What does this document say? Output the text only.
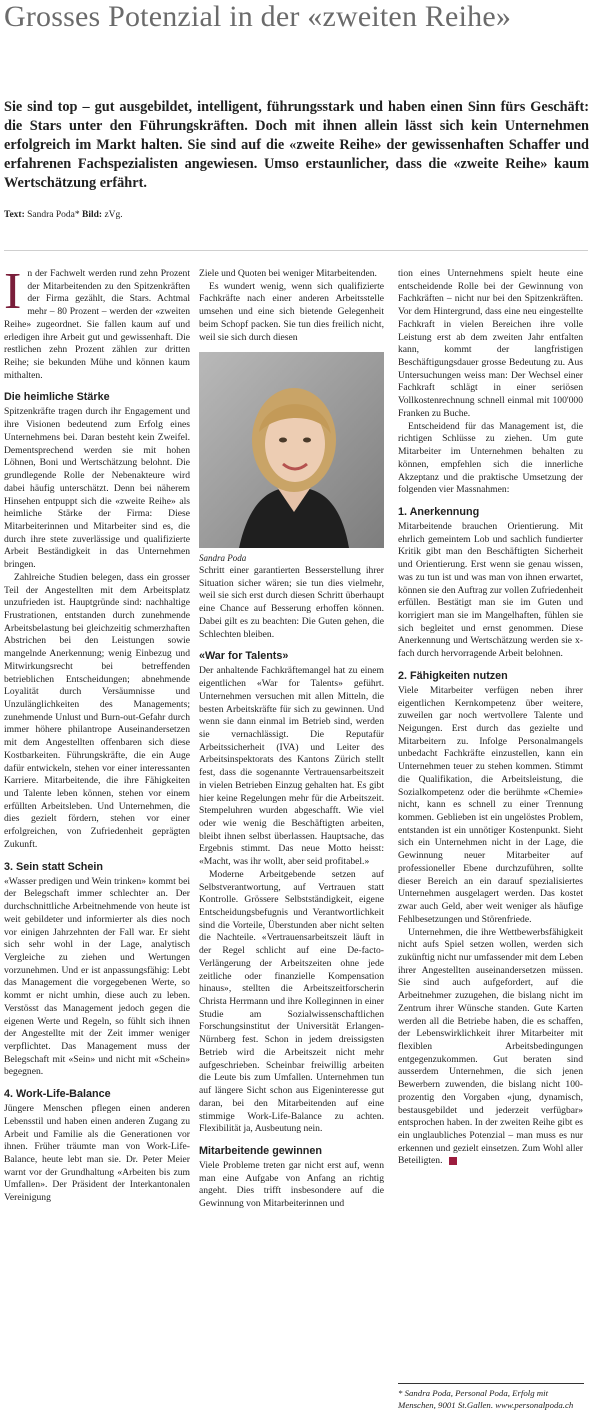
Grosses Potenzial in der «zweiten Reihe»

Sie sind top – gut ausgebildet, intelligent, führungsstark und haben einen Sinn fürs Geschäft: die Stars unter den Führungskräften. Doch mit ihnen allein lässt sich kein Unternehmen erfolgreich im Markt halten. Sie sind auf die «zweite Reihe» der gewissenhaften Schaffer und erfahrenen Fachspezialisten angewiesen. Umso erstaunlicher, dass die «zweite Reihe» kaum Wertschätzung erfährt.

Text: Sandra Poda* Bild: zVg.

In der Fachwelt werden rund zehn Prozent der Mitarbeitenden zu den Spitzenkräften der Firma gezählt, die Stars. Achtmal mehr – 80 Prozent – werden der «zweiten Reihe» zugeordnet. Sie fallen kaum auf und erledigen ihre Arbeit gut und gewissenhaft. Die restlichen zehn Prozent zählen zur dritten Reihe; sie bekunden Mühe und können kaum mithalten.

Die heimliche Stärke

Spitzenkräfte tragen durch ihr Engagement und ihre Visionen bedeutend zum Erfolg eines Unternehmens bei. Daran besteht kein Zweifel. Dementsprechend werden sie mit hohen Löhnen, Boni und Wertschätzung belohnt. Die grundlegende Rolle der Nebenakteure wird dabei häufig unterschätzt. Denn bei näherem Hinsehen entpuppt sich die «zweite Reihe» als heimliche Stärke der Firma: Diese Mitarbeiterinnen und Mitarbeiter sind es, die durch ihre stete zuverlässige und qualifizierte Arbeit Beständigkeit in das Unternehmen bringen.

Zahlreiche Studien belegen, dass ein grosser Teil der Angestellten mit dem Arbeitsplatz unzufrieden ist. Hauptgründe sind: nachhaltige Frustrationen, entstanden durch zunehmende Arbeitsbelastung bei gleichzeitig schmerzhaften Abstrichen bei den Leistungen sowie mangelnde Anerkennung; wenig Einbezug und Mitwirkungsrecht bei betreffenden betrieblichen Entscheidungen; abnehmende Loyalität durch Versäumnisse und Unzulänglichkeiten des Managements; zunehmende Unlust und Burn-out-Gefahr durch immer höhere philantrope Auseinandersetzen mit dem Angestellten offenbaren sich diese Kostbarkeiten. Führungskräfte, die ein Auge dafür entwickeln, stehen vor einer interessanten Karriere. Mitarbeitende, die ihre Fähigkeiten und Talente leben können, stehen vor einem erfüllten Arbeitsleben. Und Unternehmen, die dies gezielt fördern, stehen vor einer erfolgreichen, von Zufriedenheit geprägten Zukunft.

3. Sein statt Schein

«Wasser predigen und Wein trinken» kommt bei der Belegschaft immer schlechter an. Der durchschnittliche Arbeitnehmende von heute ist weit gebildeter und informierter als dies noch vor einigen Jahrzehnten der Fall war. Er sieht sich sehr wohl in der Lage, analytisch Vergleiche zu ziehen und Wertungen vorzunehmen. Und er ist anpassungsfähig: Lebt das Management die vorgegebenen Werte, so kommt er nicht umhin, diese auch zu leben. Verstösst das Management jedoch gegen die eigenen Werte und Regeln, so fühlt sich ihnen der Angestellte mit der Zeit immer weniger verpflichtet. Das Management muss der Belegschaft mit «Sein» und nicht mit «Schein» begegnen.

4. Work-Life-Balance

Jüngere Menschen pflegen einen anderen Lebensstil und haben einen anderen Zugang zu Arbeit und Familie als die Generationen vor ihnen. Früher träumte man von Work-Life-Balance, heute lebt man sie. Dr. Peter Meier warnt vor der Grundhaltung «Arbeiten bis zum Umfallen». Der Präsident der Interkantonalen Vereinigung

Ziele und Quoten bei weniger Mitarbeitenden.

Es wundert wenig, wenn sich qualifizierte Fachkräfte nach einer anderen Arbeitsstelle umsehen und eine sich bietende Gelegenheit beim Schopf packen. Sie tun dies freilich nicht, weil sie sich durch diesen

Sandra Poda

Schritt einer garantierten Besserstellung ihrer Situation sicher wären; sie tun dies vielmehr, weil sie sich erst durch diesen Schritt überhaupt eine Chance auf Besserung erhoffen können. Dabei gilt es zu beachten: Die Guten gehen, die Schlechten bleiben.

«War for Talents»

Der anhaltende Fachkräftemangel hat zu einem eigentlichen «War for Talents» geführt. Unternehmen versuchen mit allen Mitteln, die besten Arbeitskräfte für sich zu gewinnen. Und wenn sie dann einmal im Betrieb sind, werden sie vernachlässigt. Die Reputafür Arbeitssicherheit (IVA) und Leiter des Arbeitsinspektorats des Kantons Zürich stellt fest, dass die sogenannte Vertrauensarbeitszeit in vielen Betrieben Einzug gehalten hat. Es gibt hier keine Regelungen mehr für die Arbeitszeit. Stempeluhren wurden abgeschafft. Wie viel oder wie wenig die Beschäftigten arbeiten, bleibt ihnen selbst überlassen. Hauptsache, das Ergebnis stimmt. Das neue Motto heisst: «Macht, was ihr wollt, aber seid profitabel.»

Moderne Arbeitgebende setzen auf Selbstverantwortung, auf Vertrauen statt Kontrolle. Grössere Selbstständigkeit, eigene Entscheidungsbefugnis und Verantwortlichkeit sind die Vorteile, Überstunden aber nicht selten die Nachteile. «Vertrauensarbeitszeit läuft in der Regel schlicht auf eine De-facto-Verlängerung der Arbeitszeiten ohne jede zeitliche oder finanzielle Kompensation hinaus», stellten die Arbeitszeitforscherin Christa Herrmann und ihre Kolleginnen in einer Studie am Sozialwissenschaftlichen Forschungsinstitut der Universität Erlangen-Nürnberg fest. Schon in jedem dreissigsten Betrieb wird die Arbeitszeit nicht mehr aufgeschrieben. Scheinbar freiwillig arbeiten die Leute bis zum Umfallen. Unternehmen tun auf längere Sicht schon aus Eigeninteresse gut daran, bei den Mitarbeitenden auf eine stimmige Work-Life-Balance zu achten. Flexibilität ja, Ausbeutung nein.

Mitarbeitende gewinnen

Viele Probleme treten gar nicht erst auf, wenn man eine Aufgabe von Anfang an richtig angeht. Dies trifft insbesondere auf die Gewinnung von Mitarbeiterinnen und

tion eines Unternehmens spielt heute eine entscheidende Rolle bei der Gewinnung von Fachkräften – nicht nur bei den Spitzenkräften. Vor dem Hintergrund, dass eine neu eingestellte Fachkraft in vielen Bereichen ihre volle Leistung erst ab dem zweiten Jahr entfalten kann, kommt der langfristigen Beschäftigungsdauer grosse Bedeutung zu. Aus Untersuchungen weiss man: Der Wechsel einer Fachkraft schlägt in einer seriösen Vollkostenrechnung schnell einmal mit 100'000 Franken zu Buche.

Entscheidend für das Management ist, die richtigen Schlüsse zu ziehen. Um gute Mitarbeiter im Unternehmen behalten zu können, empfehlen sich die innerliche Akzeptanz und die praktische Umsetzung der folgenden vier Massnahmen:

1. Anerkennung

Mitarbeitende brauchen Orientierung. Mit ehrlich gemeintem Lob und sachlich fundierter Kritik gibt man den Beschäftigten Sicherheit und Orientierung. Erst wenn sie genau wissen, was zu tun ist und was man von ihnen erwartet, können sie den Auftrag zur vollen Zufriedenheit erfüllen. Bestätigt man sie im Guten und korrigiert man sie im Mangelhaften, fühlen sie sich begleitet und ernst genommen. Diese Anerkennung und Wertschätzung werden sie x-fach durch hervorragende Arbeit belohnen.

2. Fähigkeiten nutzen

Viele Mitarbeiter verfügen neben ihrer eigentlichen Kernkompetenz über weitere, zuweilen gar noch wertvollere Talente und Neigungen. Erst durch das gezielte und Mitarbeitern zu. Infolge Personalmangels unbedacht Fachkräfte einzustellen, kann ein Unternehmen teuer zu stehen kommen. Stimmt die Qualifikation, die Arbeitsleistung, die Sozialkompetenz oder die berühmte «Chemie» nicht, kann es schnell zu einer Trennung kommen. Geblieben ist ein ungelöstes Problem, entstanden ist ein unnötiger Kostenpunkt. Sieht sich ein Unternehmen nicht in der Lage, die Gewinnung neuer Mitarbeiter auf professioneller Ebene durchzuführen, sollte dieser Bereich an ein darauf spezialisiertes Unternehmen ausgelagert werden. Das kostet zwar auch Geld, aber weit weniger als häufige Fehlbesetzungen und Störenfriede.

Unternehmen, die ihre Wettbewerbsfähigkeit nicht aufs Spiel setzen wollen, werden sich zukünftig nicht nur umfassender mit dem Leben ihrer Angestellten auseinandersetzen müssen. Sie sind auch aufgefordert, auf die Arbeitnehmer zuzugehen, die bislang nicht im Zentrum ihrer Wünsche standen. Gute Karten werden all die Betriebe haben, die es schaffen, der Lebenswirklichkeit ihrer Mitarbeiter mit flexiblen Arbeitsbedingungen entgegenzukommen. Gut beraten sind ausserdem Unternehmen, die sich jenen Bewerbern zuwenden, die bislang nicht 100-prozentig den Vorgaben «jung, dynamisch, bestausgebildet und jederzeit verfügbar» entsprochen haben. In der zweiten Reihe gibt es ein unglaubliches Potenzial – man muss es nur erkennen und gezielt einsetzen. Zum Wohl aller Beteiligten.

* Sandra Poda, Personal Poda, Erfolg mit Menschen, 9001 St.Gallen. www.personalpoda.ch
